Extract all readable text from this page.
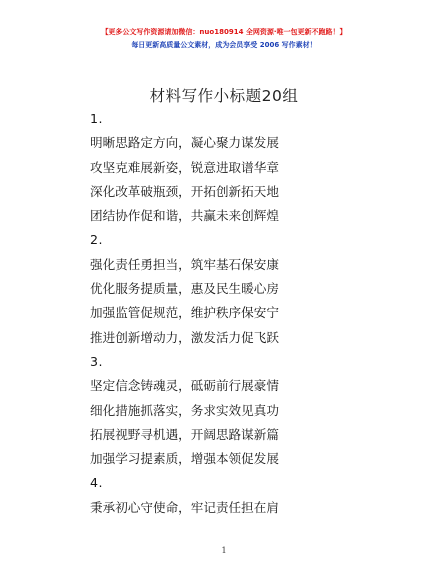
【更多公文写作资源请加微信：nuo180914 全网资源·唯一包更新不跑路！】
每日更新高质量公文素材，成为会员享受 2006 写作素材！
材料写作小标题20组
1.
明晰思路定方向，凝心聚力谋发展
攻坚克难展新姿，锐意进取谱华章
深化改革破瓶颈，开拓创新拓天地
团结协作促和谐，共赢未来创辉煌
2.
强化责任勇担当，筑牢基石保安康
优化服务提质量，惠及民生暖心房
加强监管促规范，维护秩序保安宁
推进创新增动力，激发活力促飞跃
3.
坚定信念铸魂灵，砥砺前行展豪情
细化措施抓落实，务求实效见真功
拓展视野寻机遇，开阔思路谋新篇
加强学习提素质，增强本领促发展
4.
秉承初心守使命，牢记责任担在肩
1
